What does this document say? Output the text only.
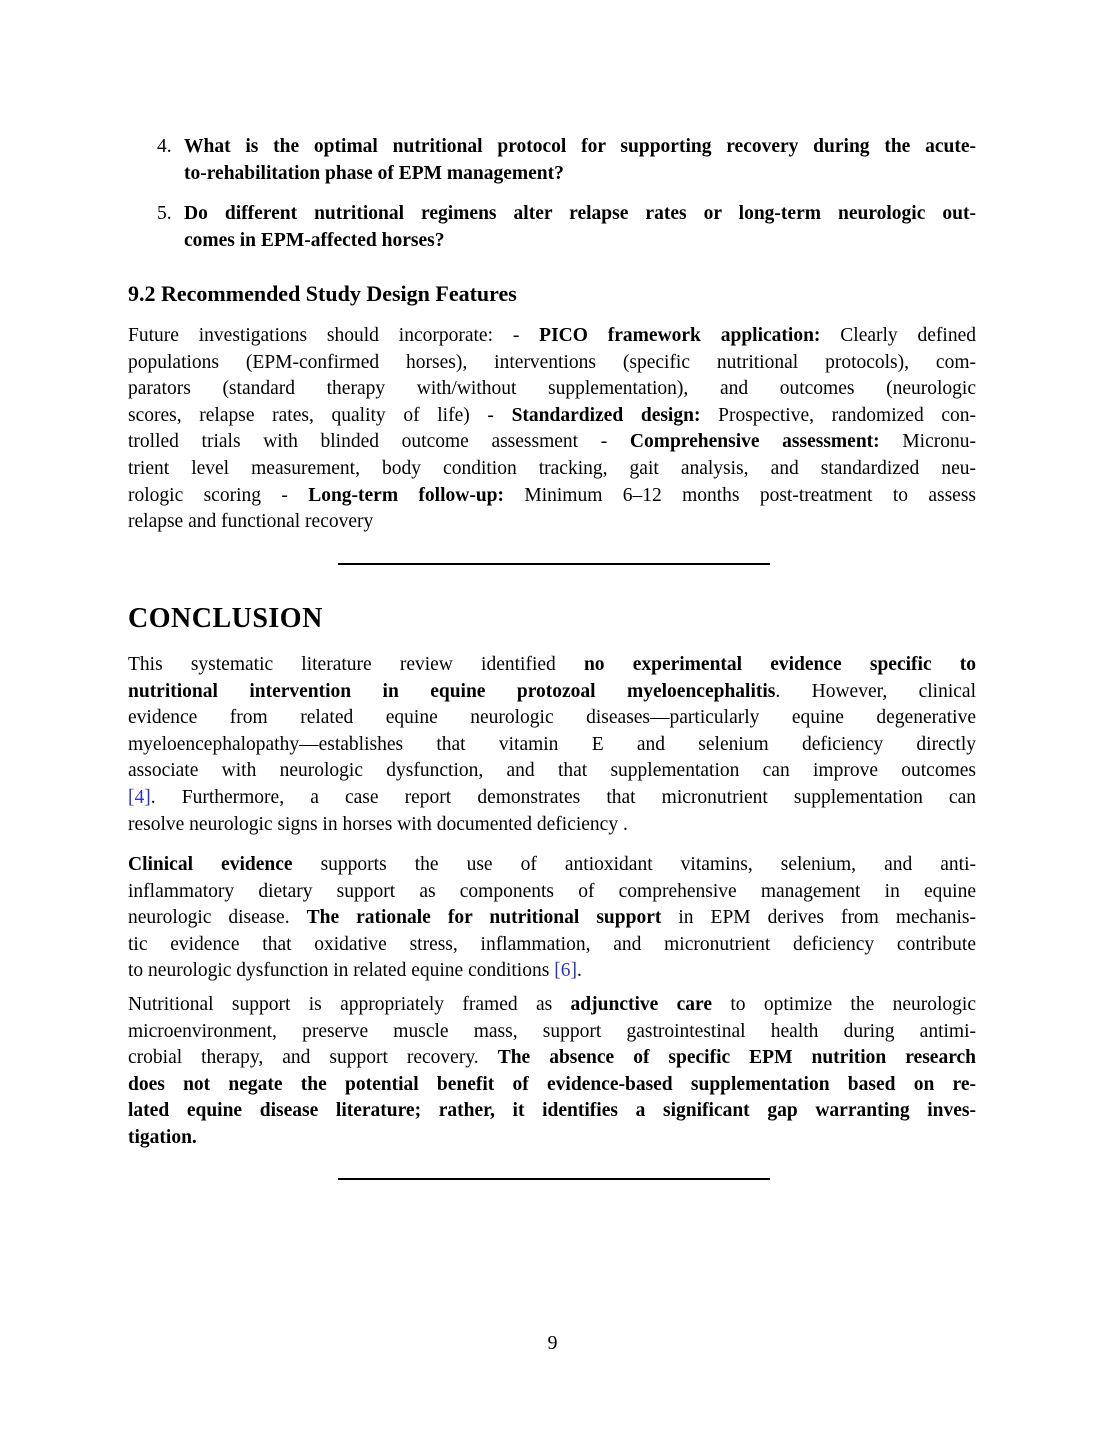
4. What is the optimal nutritional protocol for supporting recovery during the acute-
to-rehabilitation phase of EPM management?
5. Do different nutritional regimens alter relapse rates or long-term neurologic out-
comes in EPM-affected horses?
9.2 Recommended Study Design Features
Future investigations should incorporate: - PICO framework application: Clearly defined
populations (EPM-confirmed horses), interventions (specific nutritional protocols), com-
parators (standard therapy with/without supplementation), and outcomes (neurologic
scores, relapse rates, quality of life) - Standardized design: Prospective, randomized con-
trolled trials with blinded outcome assessment - Comprehensive assessment: Micronu-
trient level measurement, body condition tracking, gait analysis, and standardized neu-
rologic scoring - Long-term follow-up: Minimum 6–12 months post-treatment to assess
relapse and functional recovery
CONCLUSION
This systematic literature review identified no experimental evidence specific to
nutritional intervention in equine protozoal myeloencephalitis. However, clinical
evidence from related equine neurologic diseases—particularly equine degenerative
myeloencephalopathy—establishes that vitamin E and selenium deficiency directly
associate with neurologic dysfunction, and that supplementation can improve outcomes
[4]. Furthermore, a case report demonstrates that micronutrient supplementation can
resolve neurologic signs in horses with documented deficiency .
Clinical evidence supports the use of antioxidant vitamins, selenium, and anti-
inflammatory dietary support as components of comprehensive management in equine
neurologic disease. The rationale for nutritional support in EPM derives from mechanis-
tic evidence that oxidative stress, inflammation, and micronutrient deficiency contribute
to neurologic dysfunction in related equine conditions [6].
Nutritional support is appropriately framed as adjunctive care to optimize the neurologic
microenvironment, preserve muscle mass, support gastrointestinal health during antimi-
crobial therapy, and support recovery. The absence of specific EPM nutrition research
does not negate the potential benefit of evidence-based supplementation based on re-
lated equine disease literature; rather, it identifies a significant gap warranting inves-
tigation.
9
